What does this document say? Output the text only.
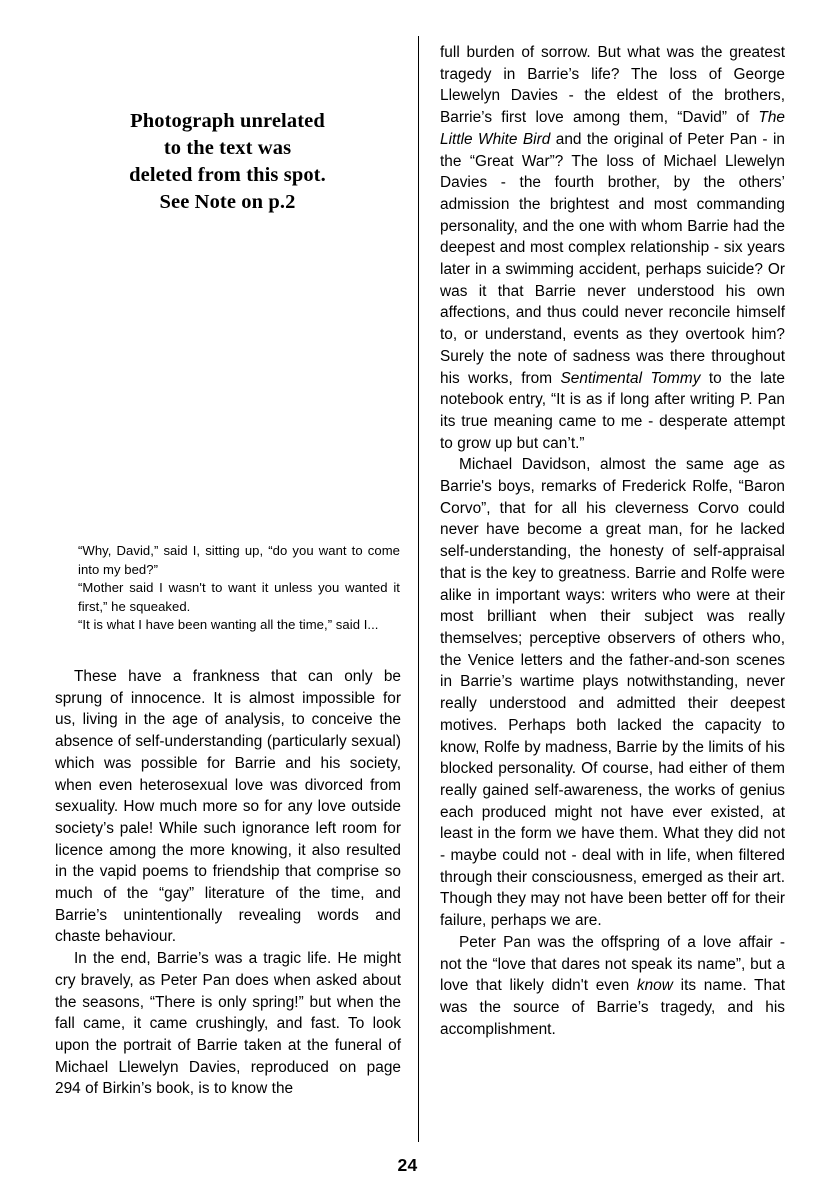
Photograph unrelated
to the text was
deleted from this spot.
See Note on p.2

“Why, David,” said I, sitting up, “do you want to come into my bed?”

“Mother said I wasn't to want it unless you wanted it first,” he squeaked.

“It is what I have been wanting all the time,” said I...

These have a frankness that can only be sprung of innocence. It is almost impossible for us, living in the age of analysis, to conceive the absence of self-understanding (particularly sexual) which was possible for Barrie and his society, when even heterosexual love was divorced from sexuality. How much more so for any love outside society’s pale! While such ignorance left room for licence among the more knowing, it also resulted in the vapid poems to friendship that comprise so much of the “gay” literature of the time, and Barrie’s unintentionally revealing words and chaste behaviour.

In the end, Barrie’s was a tragic life. He might cry bravely, as Peter Pan does when asked about the seasons, “There is only spring!” but when the fall came, it came crushingly, and fast. To look upon the portrait of Barrie taken at the funeral of Michael Llewelyn Davies, reproduced on page 294 of Birkin’s book, is to know the

full burden of sorrow. But what was the greatest tragedy in Barrie’s life? The loss of George Llewelyn Davies - the eldest of the brothers, Barrie’s first love among them, “David” of The Little White Bird and the original of Peter Pan - in the “Great War”? The loss of Michael Llewelyn Davies - the fourth brother, by the others’ admission the brightest and most commanding personality, and the one with whom Barrie had the deepest and most complex relationship - six years later in a swimming accident, perhaps suicide? Or was it that Barrie never understood his own affections, and thus could never reconcile himself to, or understand, events as they overtook him? Surely the note of sadness was there throughout his works, from Sentimental Tommy to the late notebook entry, “It is as if long after writing P. Pan its true meaning came to me - desperate attempt to grow up but can’t.”

Michael Davidson, almost the same age as Barrie's boys, remarks of Frederick Rolfe, “Baron Corvo”, that for all his cleverness Corvo could never have become a great man, for he lacked self-understanding, the honesty of self-appraisal that is the key to greatness. Barrie and Rolfe were alike in important ways: writers who were at their most brilliant when their subject was really themselves; perceptive observers of others who, the Venice letters and the father-and-son scenes in Barrie’s wartime plays notwithstanding, never really understood and admitted their deepest motives. Perhaps both lacked the capacity to know, Rolfe by madness, Barrie by the limits of his blocked personality. Of course, had either of them really gained self-awareness, the works of genius each produced might not have ever existed, at least in the form we have them. What they did not - maybe could not - deal with in life, when filtered through their consciousness, emerged as their art. Though they may not have been better off for their failure, perhaps we are.

Peter Pan was the offspring of a love affair - not the “love that dares not speak its name”, but a love that likely didn't even know its name. That was the source of Barrie’s tragedy, and his accomplishment.

24
